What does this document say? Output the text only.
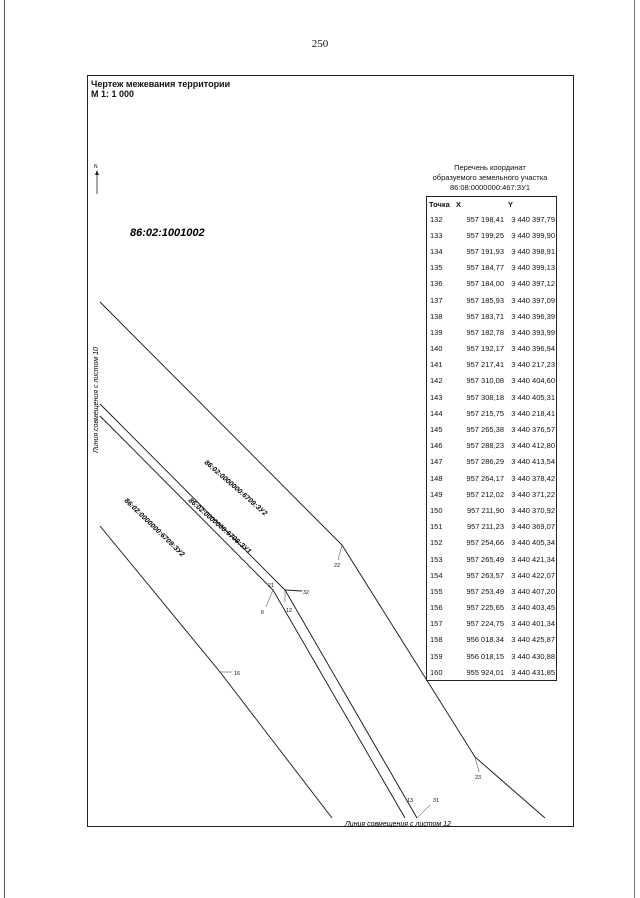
250
Чертеж межевания территории
М 1: 1 000
N
22
32
21
6	12
16
23
13	31
86:02:1001002
86:02:0000000:6709:ЗУ2
86:02:0000000:6709:ЗУ1
86:02:0000000:6709:ЗУ2
Линия совмещения с листом 10
Линия совмещения с листом 12
Перечень координат
образуемого земельного участка
86:08:0000000:467:ЗУ1
Точка	X	Y
132	957 198,41	3 440 397,79
133	957 199,25	3 440 399,90
134	957 191,93	3 440 398,91
135	957 184,77	3 440 399,13
136	957 184,00	3 440 397,12
137	957 185,93	3 440 397,09
138	957 183,71	3 440 396,39
139	957 182,78	3 440 393,99
140	957 192,17	3 440 396,94
141	957 217,41	3 440 217,23
142	957 310,08	3 440 404,60
143	957 308,18	3 440 405,31
144	957 215,75	3 440 218,41
145	957 265,38	3 440 376,57
146	957 288,23	3 440 412,80
147	957 286,29	3 440 413,54
148	957 264,17	3 440 378,42
149	957 212,02	3 440 371,22
150	957 211,90	3 440 370,92
151	957 211,23	3 440 369,07
152	957 254,66	3 440 405,34
153	957 265,49	3 440 421,34
154	957 263,57	3 440 422,07
155	957 253,49	3 440 407,20
156	957 225,65	3 440 403,45
157	957 224,75	3 440 401,34
158	956 018,34	3 440 425,87
159	956 018,15	3 440 430,88
160	955 924,01	3 440 431,85
